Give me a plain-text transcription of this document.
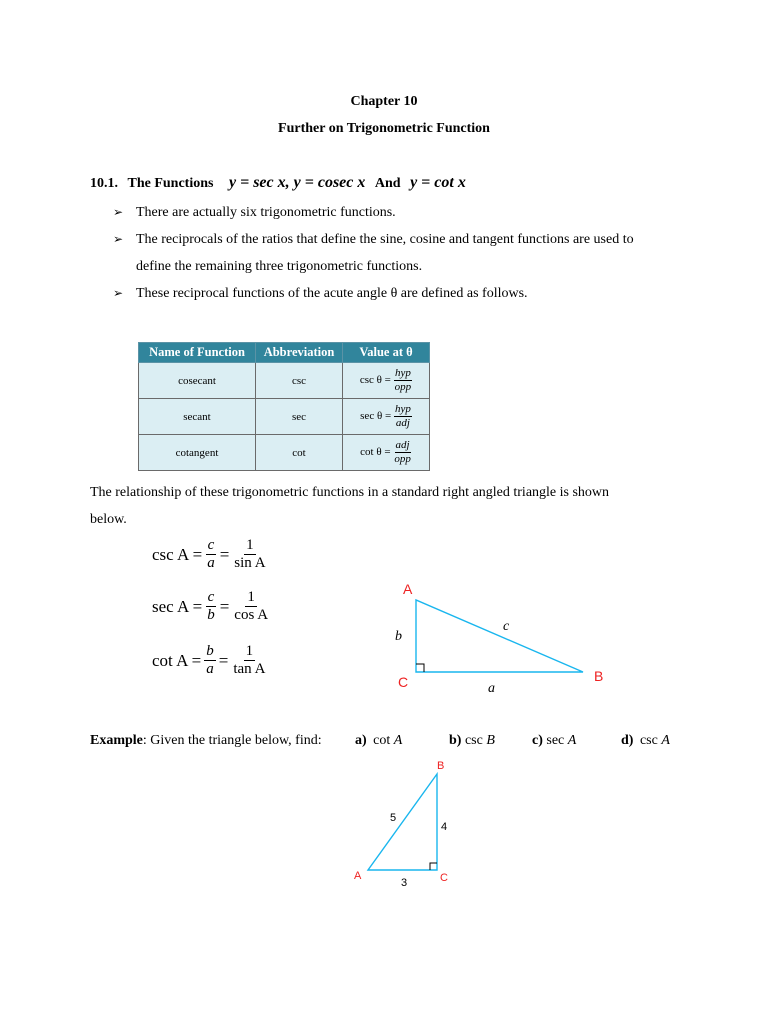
Chapter 10
Further on Trigonometric Function
10.1. The Functions y = sec x, y = cosec x And y = cot x
➢ There are actually six trigonometric functions.
➢ The reciprocals of the ratios that define the sine, cosine and tangent functions are used to
define the remaining three trigonometric functions.
➢ These reciprocal functions of the acute angle θ are defined as follows.
Name of Function	Abbreviation	Value at θ
cosecant	csc	$\csc \theta = \frac{\text{hyp}}{\text{opp}}$

secant	sec	$\sec \theta = \frac{\text{hyp}}{\text{adj}}$

cotangent	cot	$\cot \theta = \frac{\text{adj}}{\text{opp}}$
The relationship of these trigonometric functions in a standard right angled triangle is shown
below.
$\csc A = \frac{c}{a} = \frac{1}{\text{sin A}}$
$\sec A = \frac{c}{b} = \frac{1}{\text{cos A}}$
$\cot A = \frac{b}{a} = \frac{1}{\text{tan A}}$
A
C	B
b
c
a
Example: Given the triangle below, find: a) cot A	b) csc B	c) sec A	d) csc A
B
A	C
5
4
3
